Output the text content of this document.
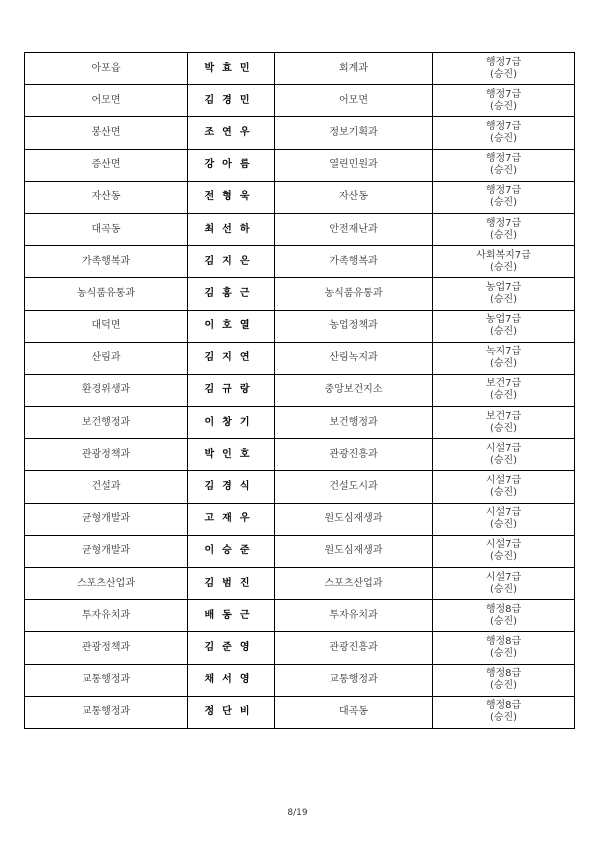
아포읍	박효민	회계과	행정7급
(승진)

어모면	김경민	어모면	행정7급
(승진)

봉산면	조연우	정보기획과	행정7급
(승진)

증산면	강아름	열린민원과	행정7급
(승진)

자산동	전형욱	자산동	행정7급
(승진)

대곡동	최선하	안전재난과	행정7급
(승진)

가족행복과	김지은	가족행복과	사회복지7급
(승진)

농식품유통과	김홍근	농식품유통과	농업7급
(승진)

대덕면	이호열	농업정책과	농업7급
(승진)

산림과	김지연	산림녹지과	녹지7급
(승진)

환경위생과	김규랑	중앙보건지소	보건7급
(승진)

보건행정과	이창기	보건행정과	보건7급
(승진)

관광정책과	박인호	관광진흥과	시설7급
(승진)

건설과	김경식	건설도시과	시설7급
(승진)

균형개발과	고재우	원도심재생과	시설7급
(승진)

균형개발과	이승준	원도심재생과	시설7급
(승진)

스포츠산업과	김범진	스포츠산업과	시설7급
(승진)

투자유치과	배동근	투자유치과	행정8급
(승진)

관광정책과	김준영	관광진흥과	행정8급
(승진)

교통행정과	채서영	교통행정과	행정8급
(승진)

교통행정과	정단비	대곡동	행정8급
(승진)
8/19
